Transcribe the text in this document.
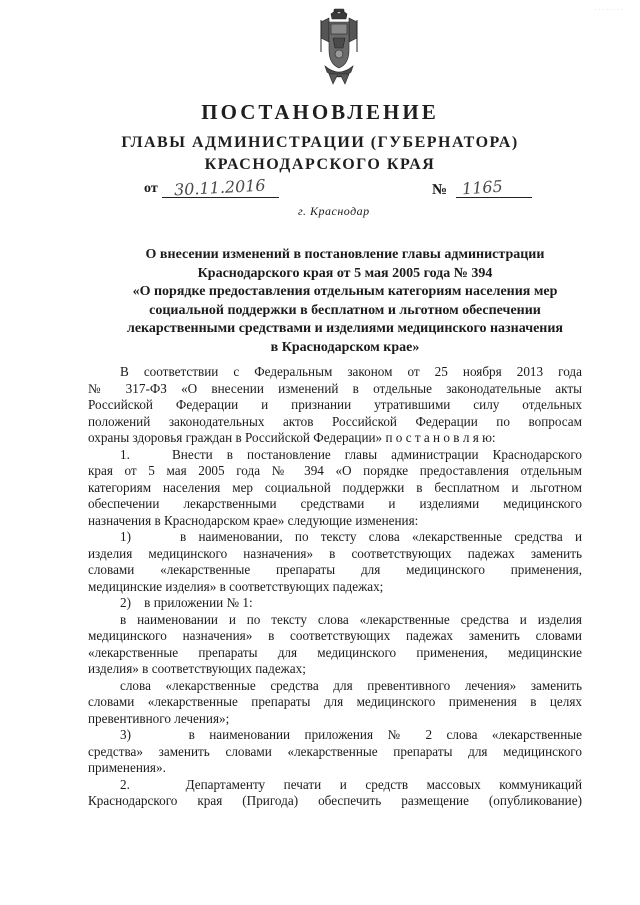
· · · · · · · ·
ПОСТАНОВЛЕНИЕ
ГЛАВЫ АДМИНИСТРАЦИИ (ГУБЕРНАТОРА)
КРАСНОДАРСКОГО КРАЯ
от 30.11.2016	№ 1165
г. Краснодар
О внесении изменений в постановление главы администрации
Краснодарского края от 5 мая 2005 года № 394
«О порядке предоставления отдельным категориям населения мер
социальной поддержки в бесплатном и льготном обеспечении
лекарственными средствами и изделиями медицинского назначения
в Краснодарском крае»
В соответствии с Федеральным законом от 25 ноября 2013 года
№ 317-ФЗ «О внесении изменений в отдельные законодательные акты
Российской Федерации и признании утратившими силу отдельных
положений законодательных актов Российской Федерации по вопросам
охраны здоровья граждан в Российской Федерации» п о с т а н о в л я ю:
1.   Внести в постановление главы администрации Краснодарского
края от 5 мая 2005 года № 394 «О порядке предоставления отдельным
категориям населения мер социальной поддержки в бесплатном и льготном
обеспечении лекарственными средствами и изделиями медицинского
назначения в Краснодарском крае» следующие изменения:
1)    в наименовании, по тексту слова «лекарственные средства и
изделия медицинского назначения» в соответствующих падежах заменить
словами «лекарственные препараты для медицинского применения,
медицинские изделия» в соответствующих падежах;
2)    в приложении № 1:
в наименовании и по тексту слова «лекарственные средства и изделия
медицинского назначения» в соответствующих падежах заменить словами
«лекарственные препараты для медицинского применения, медицинские
изделия» в соответствующих падежах;
слова «лекарственные средства для превентивного лечения» заменить
словами «лекарственные препараты для медицинского применения в целях
превентивного лечения»;
3)    в наименовании приложения № 2 слова «лекарственные
средства» заменить словами «лекарственные препараты для медицинского
применения».
2.   Департаменту печати и средств массовых коммуникаций
Краснодарского края (Пригода) обеспечить размещение (опубликование)
